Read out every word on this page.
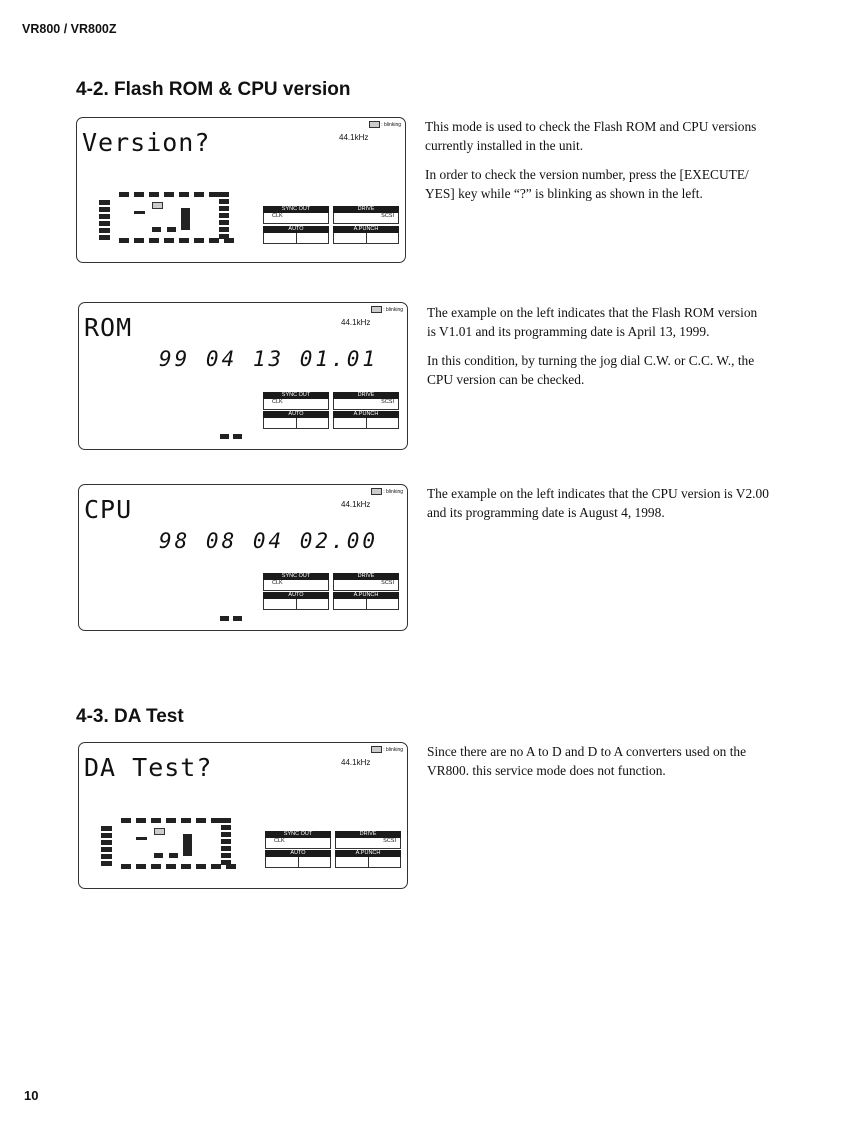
VR800 / VR800Z
4-2. Flash ROM & CPU version
Version?
: blinking
44.1kHz
SYNC OUT
CLK
DRIVE
SCSI
AUTO	A.PUNCH

This mode is used to check the Flash ROM and CPU versions currently installed in the unit.

In order to check the version number, press the [EXECUTE/ YES] key while “?” is blinking as shown in the left.

ROM
: blinking
44.1kHz
99 04 13 01.01
SYNC OUT
CLK
DRIVE
SCSI
AUTO	A.PUNCH

The example on the left indicates that the Flash ROM version is V1.01 and its programming date is April 13, 1999.

In this condition, by turning the jog dial C.W. or C.C. W., the CPU version can be checked.

CPU
: blinking
44.1kHz
98 08 04 02.00
SYNC OUT
CLK
DRIVE
SCSI
AUTO	A.PUNCH

The example on the left indicates that the CPU version is V2.00 and its programming date is August 4, 1998.

4-3. DA Test
DA Test?
: blinking
44.1kHz
SYNC OUT
CLK
DRIVE
SCSI
AUTO	A.PUNCH

Since there are no A to D and D to A converters used on the VR800. this service mode does not function.

10
